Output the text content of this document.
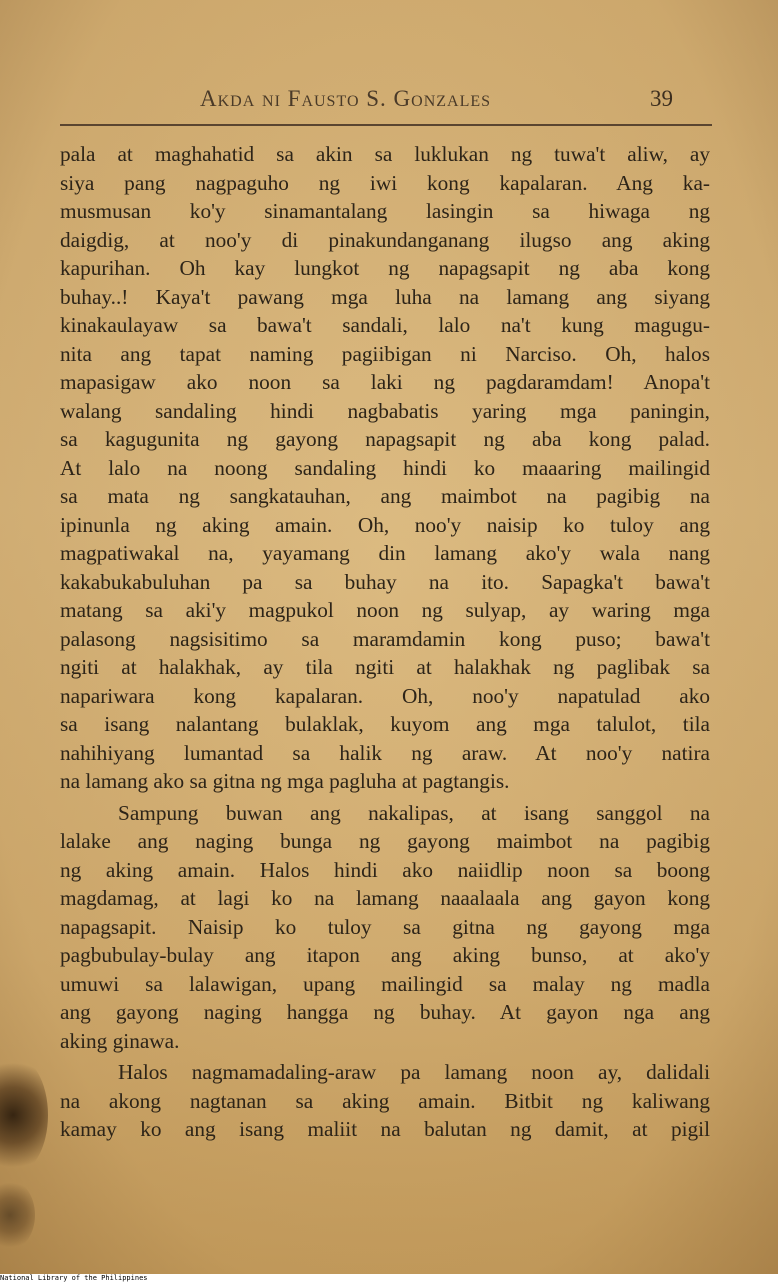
Akda ni Fausto S. Gonzales	39
pala at maghahatid sa akin sa luklukan ng tuwa't aliw, ay
siya pang nagpaguho ng iwi kong kapalaran. Ang ka-
musmusan ko'y sinamantalang lasingin sa hiwaga ng
daigdig, at noo'y di pinakundanganang ilugso ang aking
kapurihan. Oh kay lungkot ng napagsapit ng aba kong
buhay..! Kaya't pawang mga luha na lamang ang siyang
kinakaulayaw sa bawa't sandali, lalo na't kung magugu-
nita ang tapat naming pagiibigan ni Narciso. Oh, halos
mapasigaw ako noon sa laki ng pagdaramdam! Anopa't
walang sandaling hindi nagbabatis yaring mga paningin,
sa kagugunita ng gayong napagsapit ng aba kong palad.
At lalo na noong sandaling hindi ko maaaring mailingid
sa mata ng sangkatauhan, ang maimbot na pagibig na
ipinunla ng aking amain. Oh, noo'y naisip ko tuloy ang
magpatiwakal na, yayamang din lamang ako'y wala nang
kakabukabuluhan pa sa buhay na ito. Sapagka't bawa't
matang sa aki'y magpukol noon ng sulyap, ay waring mga
palasong nagsisitimo sa maramdamin kong puso; bawa't
ngiti at halakhak, ay tila ngiti at halakhak ng paglibak sa
napariwara kong kapalaran. Oh, noo'y napatulad ako
sa isang nalantang bulaklak, kuyom ang mga talulot, tila
nahihiyang lumantad sa halik ng araw. At noo'y natira
na lamang ako sa gitna ng mga pagluha at pagtangis.
Sampung buwan ang nakalipas, at isang sanggol na
lalake ang naging bunga ng gayong maimbot na pagibig
ng aking amain. Halos hindi ako naiidlip noon sa boong
magdamag, at lagi ko na lamang naaalaala ang gayon kong
napagsapit. Naisip ko tuloy sa gitna ng gayong mga
pagbubulay-bulay ang itapon ang aking bunso, at ako'y
umuwi sa lalawigan, upang mailingid sa malay ng madla
ang gayong naging hangga ng buhay. At gayon nga ang
aking ginawa.
Halos nagmamadaling-araw pa lamang noon ay, dalidali
na akong nagtanan sa aking amain. Bitbit ng kaliwang
kamay ko ang isang maliit na balutan ng damit, at pigil
National Library of the Philippines
